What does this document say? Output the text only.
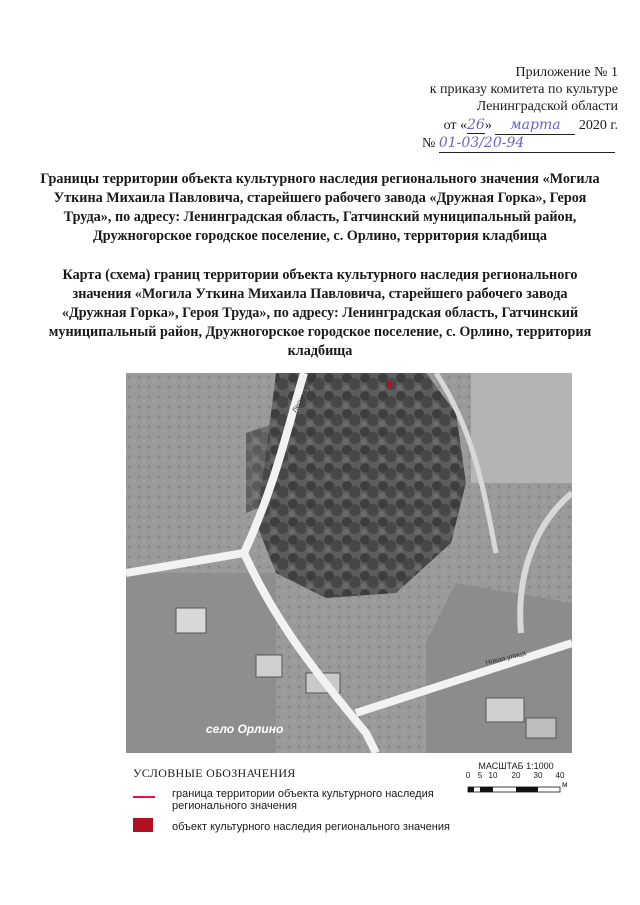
Приложение № 1
к приказу комитета по культуре
Ленинградской области
от «26» марта 2020 г.
№ 01-03/20-94
Границы территории объекта культурного наследия регионального значения «Могила Уткина Михаила Павловича, старейшего рабочего завода «Дружная Горка», Героя Труда», по адресу: Ленинградская область, Гатчинский муниципальный район, Дружногорское городское поселение, с. Орлино, территория кладбища
Карта (схема) границ территории объекта культурного наследия регионального значения «Могила Уткина Михаила Павловича, старейшего рабочего завода «Дружная Горка», Героя Труда», по адресу: Ленинградская область, Гатчинский муниципальный район, Дружногорское городское поселение, с. Орлино, территория кладбища
Лесная улица
Новая улица
село Орлино
УСЛОВНЫЕ ОБОЗНАЧЕНИЯ
граница территории объекта культурного наследия регионального значения
объект культурного наследия регионального значения
МАСШТАБ 1:1000
0 5 10 20 30 40
м
